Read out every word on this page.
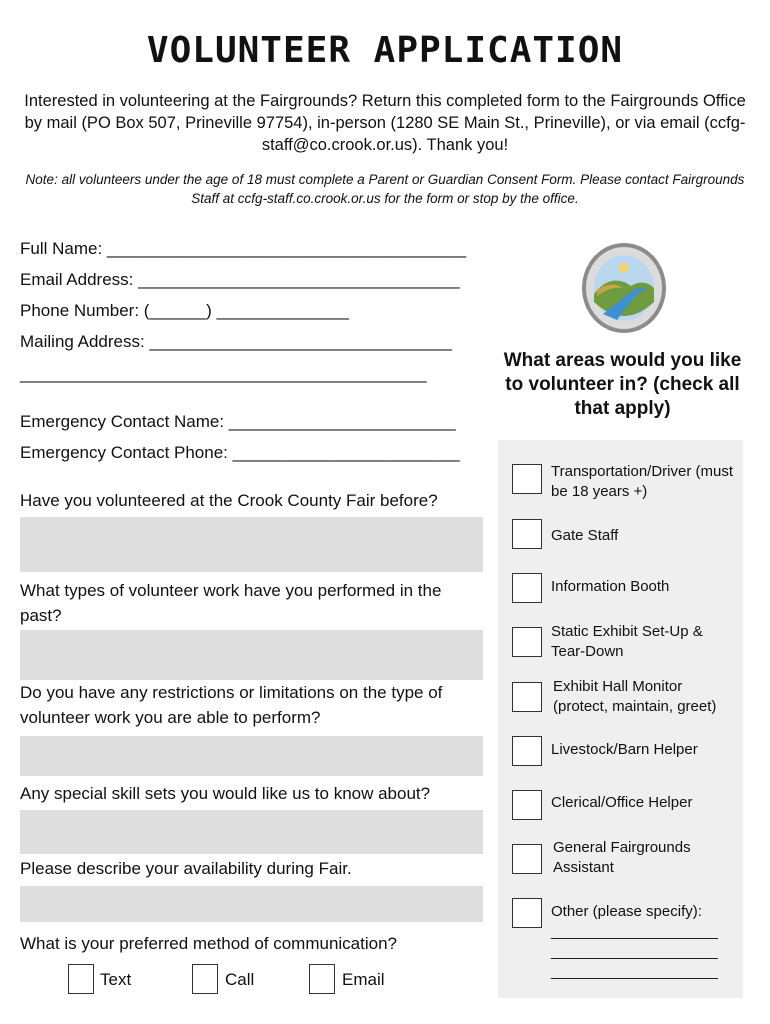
VOLUNTEER APPLICATION
Interested in volunteering at the Fairgrounds? Return this completed form to the Fairgrounds Office by mail (PO Box 507, Prineville 97754), in-person (1280 SE Main St., Prineville), or via email (ccfg-staff@co.crook.or.us). Thank you!
Note: all volunteers under the age of 18 must complete a Parent or Guardian Consent Form. Please contact Fairgrounds Staff at ccfg-staff.co.crook.or.us for the form or stop by the office.
Full Name: ______________________________________
Email Address: __________________________________
Phone Number: (______) ______________
Mailing Address: ________________________________
___________________________________________
Emergency Contact Name: ________________________
Emergency Contact Phone: ________________________
Have you volunteered at the Crook County Fair before?
What types of volunteer work have you performed in the past?
Do you have any restrictions or limitations on the type of volunteer work you are able to perform?
Any special skill sets you would like us to know about?
Please describe your availability during Fair.
What is your preferred method of communication?
Text	Call	Email
What areas would you like to volunteer in? (check all that apply)
Transportation/Driver (must be 18 years +)
Gate Staff
Information Booth
Static Exhibit Set-Up & Tear-Down
Exhibit Hall Monitor (protect, maintain, greet)
Livestock/Barn Helper
Clerical/Office Helper
General Fairgrounds Assistant
Other (please specify):
____________________
____________________
____________________
